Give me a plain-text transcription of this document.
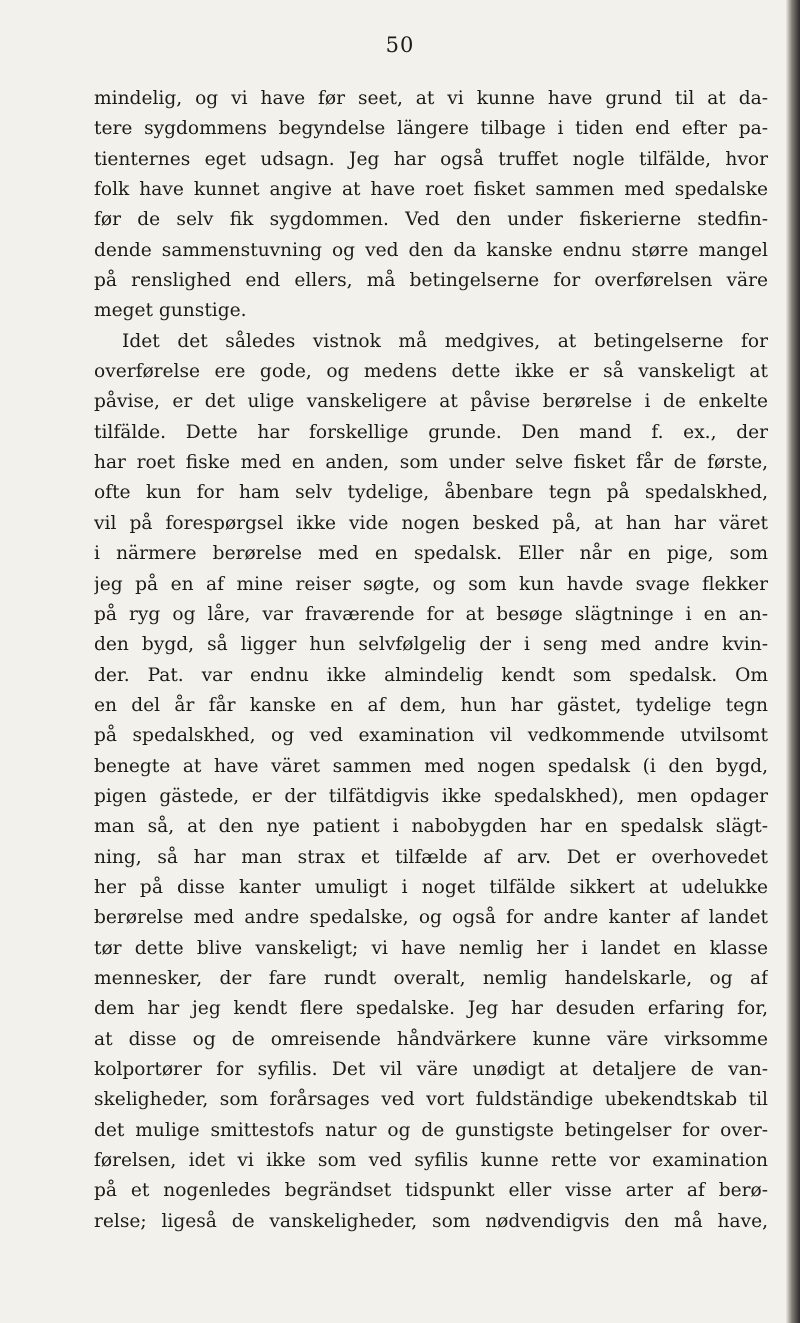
50
mindelig, og vi have før seet, at vi kunne have grund til at da-
tere sygdommens begyndelse längere tilbage i tiden end efter pa-
tienternes eget udsagn. Jeg har også truffet nogle tilfälde, hvor
folk have kunnet angive at have roet fisket sammen med spedalske
før de selv fik sygdommen. Ved den under fiskerierne stedfin-
dende sammenstuvning og ved den da kanske endnu større mangel
på renslighed end ellers, må betingelserne for overførelsen väre
meget gunstige.
Idet det således vistnok må medgives, at betingelserne for
overførelse ere gode, og medens dette ikke er så vanskeligt at
påvise, er det ulige vanskeligere at påvise berørelse i de enkelte
tilfälde. Dette har forskellige grunde. Den mand f. ex., der
har roet fiske med en anden, som under selve fisket får de første,
ofte kun for ham selv tydelige, åbenbare tegn på spedalskhed,
vil på forespørgsel ikke vide nogen besked på, at han har väret
i närmere berørelse med en spedalsk. Eller når en pige, som
jeg på en af mine reiser søgte, og som kun havde svage flekker
på ryg og låre, var fraværende for at besøge slägtninge i en an-
den bygd, så ligger hun selvfølgelig der i seng med andre kvin-
der. Pat. var endnu ikke almindelig kendt som spedalsk. Om
en del år får kanske en af dem, hun har gästet, tydelige tegn
på spedalskhed, og ved examination vil vedkommende utvilsomt
benegte at have väret sammen med nogen spedalsk (i den bygd,
pigen gästede, er der tilfätdigvis ikke spedalskhed), men opdager
man så, at den nye patient i nabobygden har en spedalsk slägt-
ning, så har man strax et tilfælde af arv. Det er overhovedet
her på disse kanter umuligt i noget tilfälde sikkert at udelukke
berørelse med andre spedalske, og også for andre kanter af landet
tør dette blive vanskeligt; vi have nemlig her i landet en klasse
mennesker, der fare rundt overalt, nemlig handelskarle, og af
dem har jeg kendt flere spedalske. Jeg har desuden erfaring for,
at disse og de omreisende håndvärkere kunne väre virksomme
kolportører for syfilis. Det vil väre unødigt at detaljere de van-
skeligheder, som forårsages ved vort fuldständige ubekendtskab til
det mulige smittestofs natur og de gunstigste betingelser for over-
førelsen, idet vi ikke som ved syfilis kunne rette vor examination
på et nogenledes begrändset tidspunkt eller visse arter af berø-
relse; ligeså de vanskeligheder, som nødvendigvis den må have,
